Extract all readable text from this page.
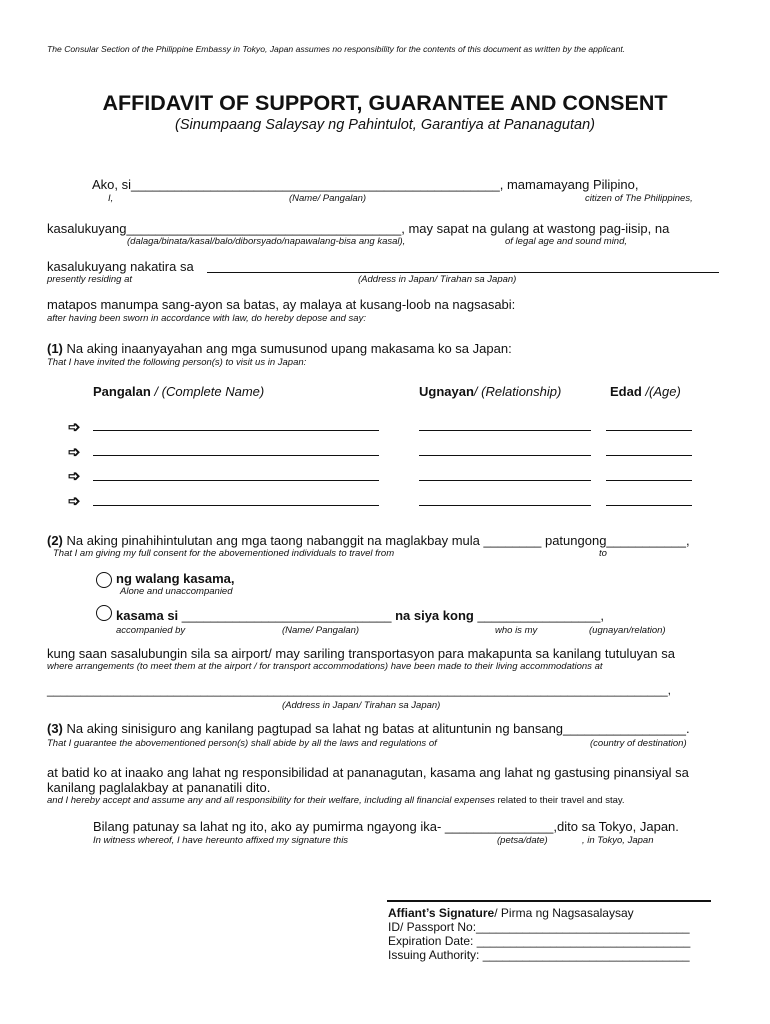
The Consular Section of the Philippine Embassy in Tokyo, Japan assumes no responsibility for the contents of this document as written by the applicant.
AFFIDAVIT OF SUPPORT, GUARANTEE AND CONSENT
(Sinumpaang Salaysay ng Pahintulot, Garantiya at Pananagutan)
Ako, si___________________________________________________, mamamayang Pilipino,
I,	(Name/ Pangalan)	citizen of The Philippines,
kasalukuyang______________________________________, may sapat na gulang at wastong pag-iisip, na
(dalaga/binata/kasal/balo/diborsyado/napawalang-bisa ang kasal),	of legal age and sound mind,
kasalukuyang nakatira sa
presently residing at	(Address in Japan/ Tirahan sa Japan)
matapos manumpa sang-ayon sa batas, ay malaya at kusang-loob na nagsasabi:
after having been sworn in accordance with law, do hereby depose and say:
(1) Na aking inaanyayahan ang mga sumusunod upang makasama ko sa Japan:
That I have invited the following person(s) to visit us in Japan:
Pangalan / (Complete Name)	Ugnayan/ (Relationship)	Edad /(Age)
➩
➩
➩
➩
(2) Na aking pinahihintulutan ang mga taong nabanggit na maglakbay mula ________ patungong___________,
That I am giving my full consent for the abovementioned individuals to travel from	to
ng walang kasama,
Alone and unaccompanied
kasama si _____________________________ na siya kong _________________,
accompanied by	(Name/ Pangalan)	who is my	(ugnayan/relation)
kung saan sasalubungin sila sa airport/ may sariling transportasyon para makapunta sa kanilang tutuluyan sa
where arrangements (to meet them at the airport / for transport accommodations) have been made to their living accommodations at
_____________________________________________________________________________________________,
(Address in Japan/ Tirahan sa Japan)
(3) Na aking sinisiguro ang kanilang pagtupad sa lahat ng batas at alituntunin ng bansang_________________.
That I guarantee the abovementioned person(s) shall abide by all the laws and regulations of	(country of destination)
at batid ko at inaako ang lahat ng responsibilidad at pananagutan, kasama ang lahat ng gastusing pinansiyal sa
kanilang paglalakbay at pananatili dito.
and I hereby accept and assume any and all responsibility for their welfare, including all financial expenses related to their travel and stay.
Bilang patunay sa lahat ng ito, ako ay pumirma ngayong ika- _______________,dito sa Tokyo, Japan.
In witness whereof, I have hereunto affixed my signature this	(petsa/date)	, in Tokyo, Japan
Affiant’s Signature/ Pirma ng Nagsasalaysay
ID/ Passport No:________________________________
Expiration Date: ________________________________
Issuing Authority: _______________________________
